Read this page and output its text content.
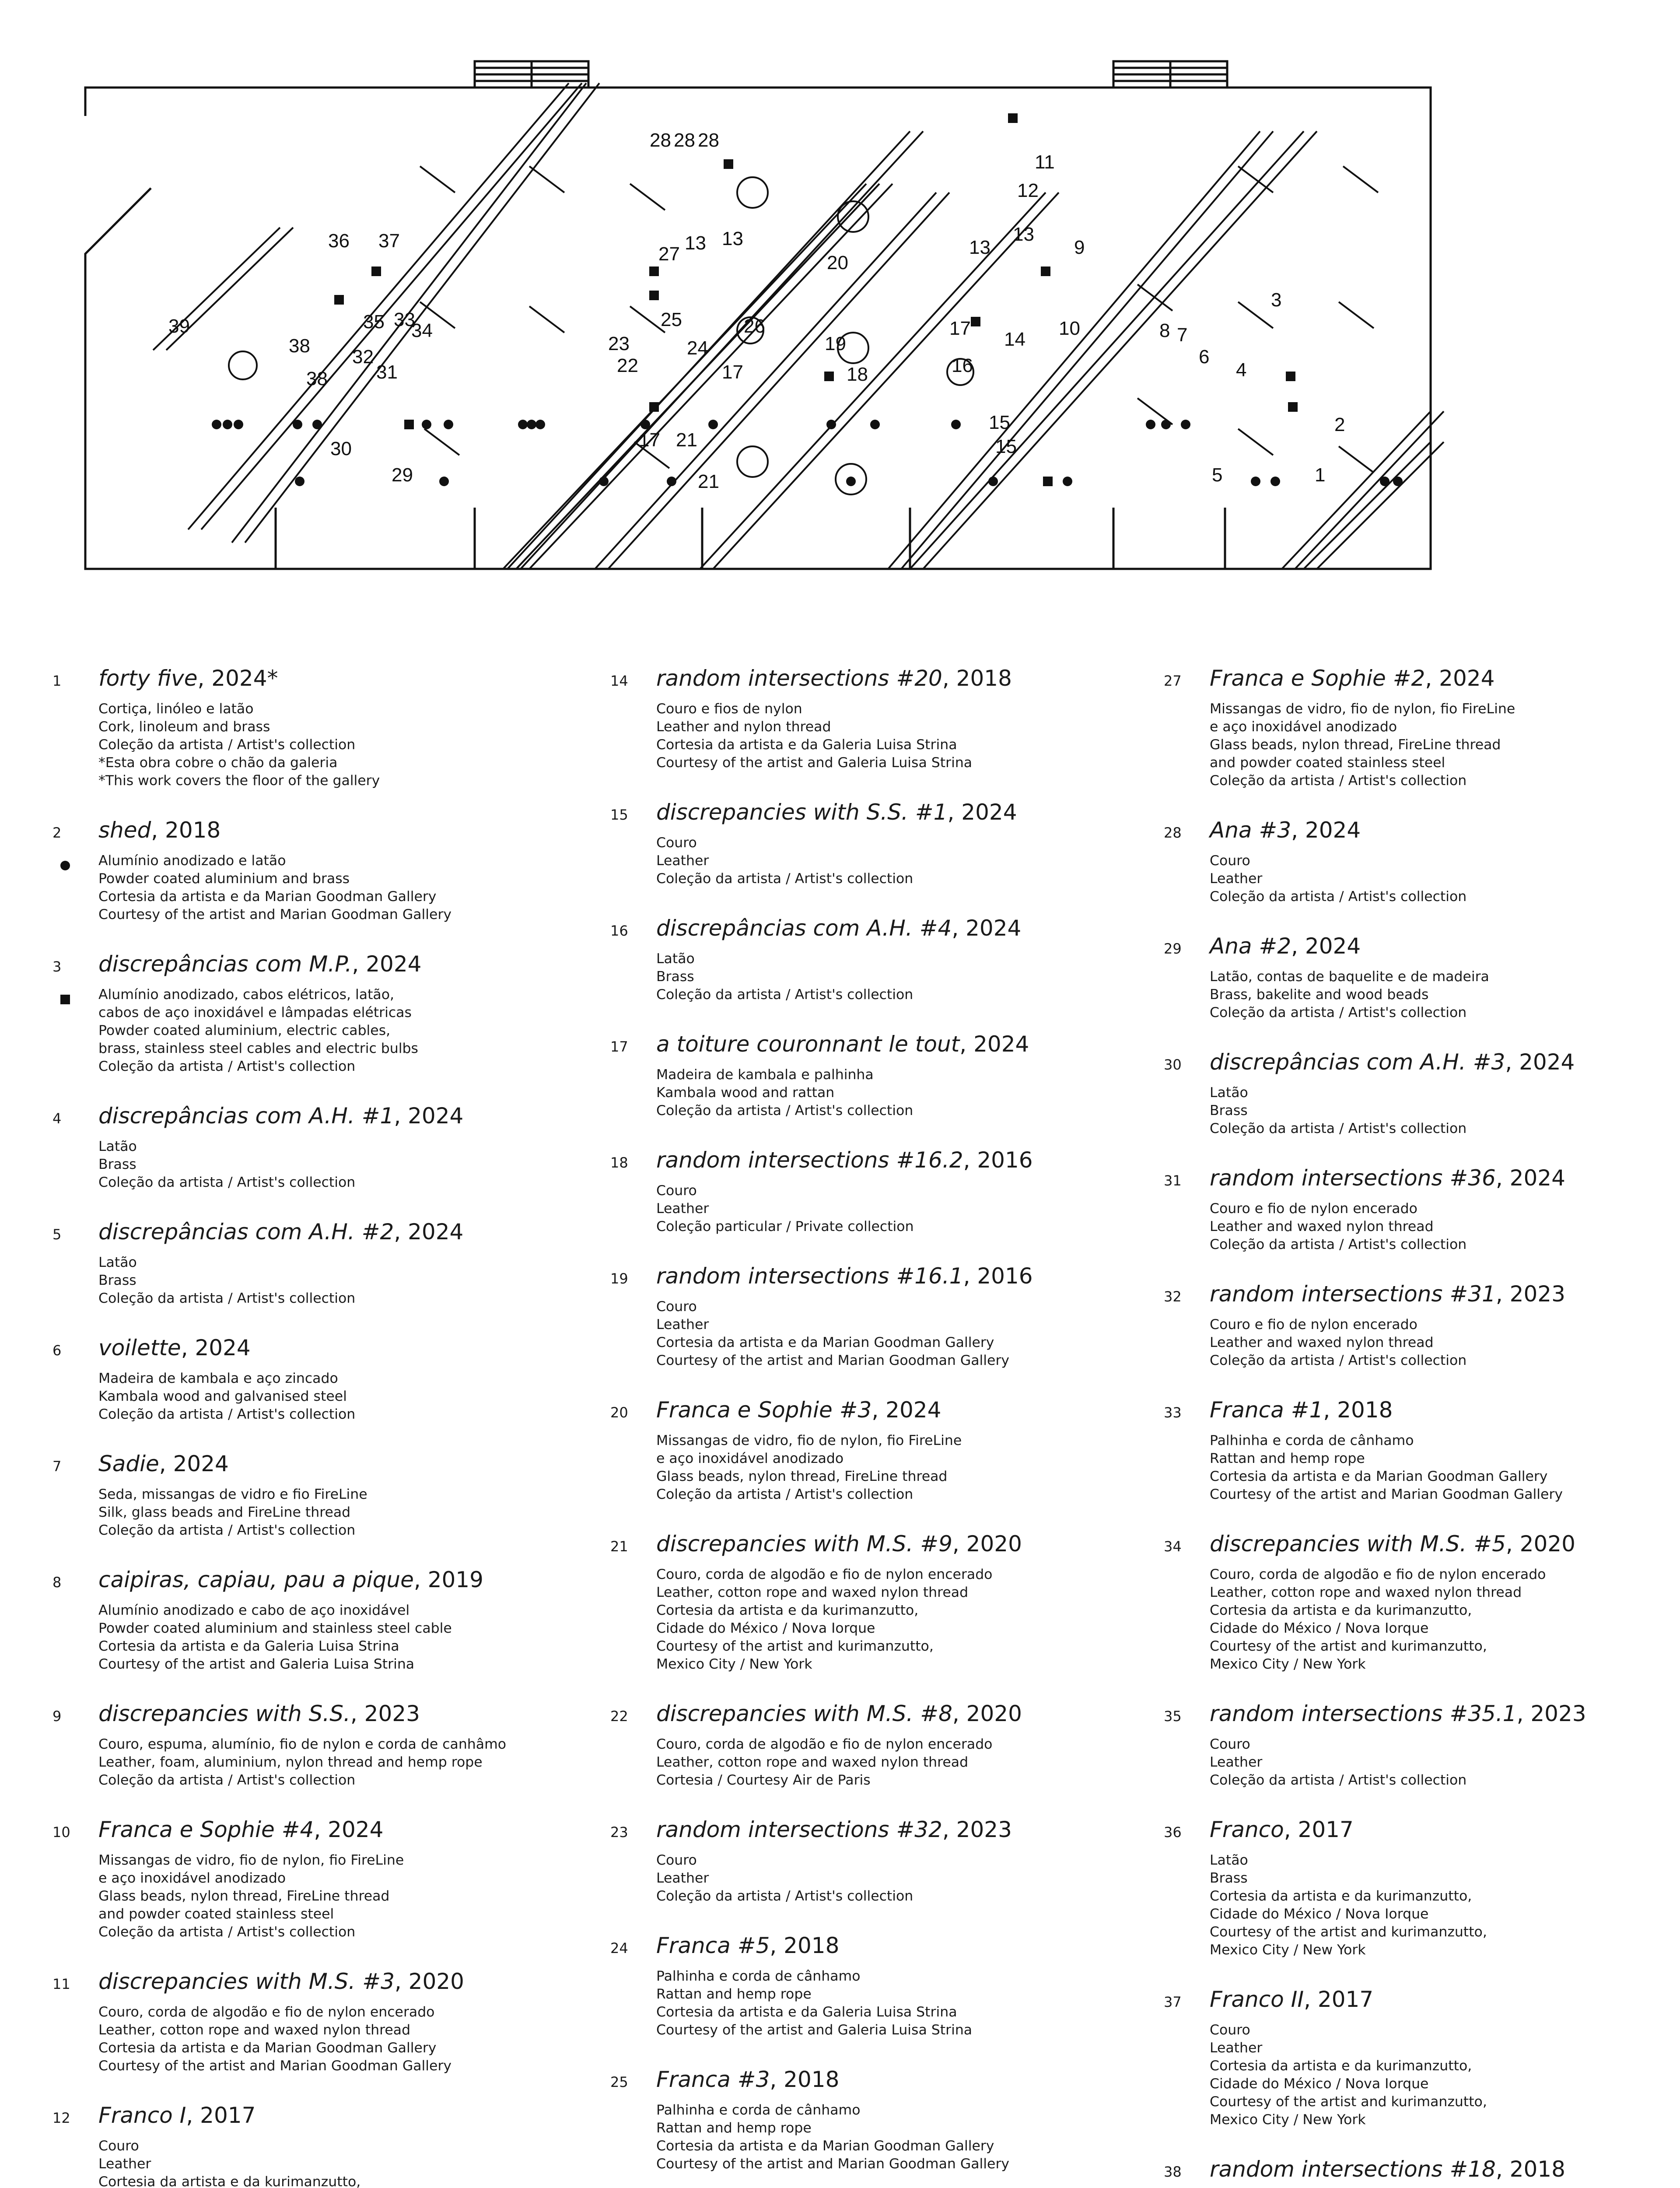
1
2
3
4
5
6
7
8
9
10
11
12
13
13	13
13
14
15
15
16
17
17
17
18
19
20
21
21
22
23	24
25	26
27
28 28 28
29
30
31
32
33
34
35
36 37
38
38
39
1	forty five, 2024*
Cortiça, linóleo e latão
Cork, linoleum and brass
Coleção da artista / Artist's collection
*Esta obra cobre o chão da galeria
*This work covers the floor of the gallery
2	shed, 2018
Alumínio anodizado e latão
Powder coated aluminium and brass
Cortesia da artista e da Marian Goodman Gallery
Courtesy of the artist and Marian Goodman Gallery
3	discrepâncias com M.P., 2024
Alumínio anodizado, cabos elétricos, latão,
cabos de aço inoxidável e lâmpadas elétricas
Powder coated aluminium, electric cables,
brass, stainless steel cables and electric bulbs
Coleção da artista / Artist's collection
4	discrepâncias com A.H. #1, 2024
Latão
Brass
Coleção da artista / Artist's collection
5	discrepâncias com A.H. #2, 2024
Latão
Brass
Coleção da artista / Artist's collection
6	voilette, 2024
Madeira de kambala e aço zincado
Kambala wood and galvanised steel
Coleção da artista / Artist's collection
7	Sadie, 2024
Seda, missangas de vidro e fio FireLine
Silk, glass beads and FireLine thread
Coleção da artista / Artist's collection
8	caipiras, capiau, pau a pique, 2019
Alumínio anodizado e cabo de aço inoxidável
Powder coated aluminium and stainless steel cable
Cortesia da artista e da Galeria Luisa Strina
Courtesy of the artist and Galeria Luisa Strina
9	discrepancies with S.S., 2023
Couro, espuma, alumínio, fio de nylon e corda de canhâmo
Leather, foam, aluminium, nylon thread and hemp rope
Coleção da artista / Artist's collection
10	Franca e Sophie #4, 2024
Missangas de vidro, fio de nylon, fio FireLine
e aço inoxidável anodizado
Glass beads, nylon thread, FireLine thread
and powder coated stainless steel
Coleção da artista / Artist's collection
11	discrepancies with M.S. #3, 2020
Couro, corda de algodão e fio de nylon encerado
Leather, cotton rope and waxed nylon thread
Cortesia da artista e da Marian Goodman Gallery
Courtesy of the artist and Marian Goodman Gallery
12	Franco I, 2017
Couro
Leather
Cortesia da artista e da kurimanzutto,
14	random intersections #20, 2018
Couro e fios de nylon
Leather and nylon thread
Cortesia da artista e da Galeria Luisa Strina
Courtesy of the artist and Galeria Luisa Strina
15	discrepancies with S.S. #1, 2024
Couro
Leather
Coleção da artista / Artist's collection
16	discrepâncias com A.H. #4, 2024
Latão
Brass
Coleção da artista / Artist's collection
17	a toiture couronnant le tout, 2024
Madeira de kambala e palhinha
Kambala wood and rattan
Coleção da artista / Artist's collection
18	random intersections #16.2, 2016
Couro
Leather
Coleção particular / Private collection
19	random intersections #16.1, 2016
Couro
Leather
Cortesia da artista e da Marian Goodman Gallery
Courtesy of the artist and Marian Goodman Gallery
20	Franca e Sophie #3, 2024
Missangas de vidro, fio de nylon, fio FireLine
e aço inoxidável anodizado
Glass beads, nylon thread, FireLine thread
Coleção da artista / Artist's collection
21	discrepancies with M.S. #9, 2020
Couro, corda de algodão e fio de nylon encerado
Leather, cotton rope and waxed nylon thread
Cortesia da artista e da kurimanzutto,
Cidade do México / Nova Iorque
Courtesy of the artist and kurimanzutto,
Mexico City / New York
22	discrepancies with M.S. #8, 2020
Couro, corda de algodão e fio de nylon encerado
Leather, cotton rope and waxed nylon thread
Cortesia / Courtesy Air de Paris
23	random intersections #32, 2023
Couro
Leather
Coleção da artista / Artist's collection
24	Franca #5, 2018
Palhinha e corda de cânhamo
Rattan and hemp rope
Cortesia da artista e da Galeria Luisa Strina
Courtesy of the artist and Galeria Luisa Strina
25	Franca #3, 2018
Palhinha e corda de cânhamo
Rattan and hemp rope
Cortesia da artista e da Marian Goodman Gallery
Courtesy of the artist and Marian Goodman Gallery
27	Franca e Sophie #2, 2024
Missangas de vidro, fio de nylon, fio FireLine
e aço inoxidável anodizado
Glass beads, nylon thread, FireLine thread
and powder coated stainless steel
Coleção da artista / Artist's collection
28	Ana #3, 2024
Couro
Leather
Coleção da artista / Artist's collection
29	Ana #2, 2024
Latão, contas de baquelite e de madeira
Brass, bakelite and wood beads
Coleção da artista / Artist's collection
30	discrepâncias com A.H. #3, 2024
Latão
Brass
Coleção da artista / Artist's collection
31	random intersections #36, 2024
Couro e fio de nylon encerado
Leather and waxed nylon thread
Coleção da artista / Artist's collection
32	random intersections #31, 2023
Couro e fio de nylon encerado
Leather and waxed nylon thread
Coleção da artista / Artist's collection
33	Franca #1, 2018
Palhinha e corda de cânhamo
Rattan and hemp rope
Cortesia da artista e da Marian Goodman Gallery
Courtesy of the artist and Marian Goodman Gallery
34	discrepancies with M.S. #5, 2020
Couro, corda de algodão e fio de nylon encerado
Leather, cotton rope and waxed nylon thread
Cortesia da artista e da kurimanzutto,
Cidade do México / Nova Iorque
Courtesy of the artist and kurimanzutto,
Mexico City / New York
35	random intersections #35.1, 2023
Couro
Leather
Coleção da artista / Artist's collection
36	Franco, 2017
Latão
Brass
Cortesia da artista e da kurimanzutto,
Cidade do México / Nova Iorque
Courtesy of the artist and kurimanzutto,
Mexico City / New York
37	Franco II, 2017
Couro
Leather
Cortesia da artista e da kurimanzutto,
Cidade do México / Nova Iorque
Courtesy of the artist and kurimanzutto,
Mexico City / New York
38	random intersections #18, 2018
